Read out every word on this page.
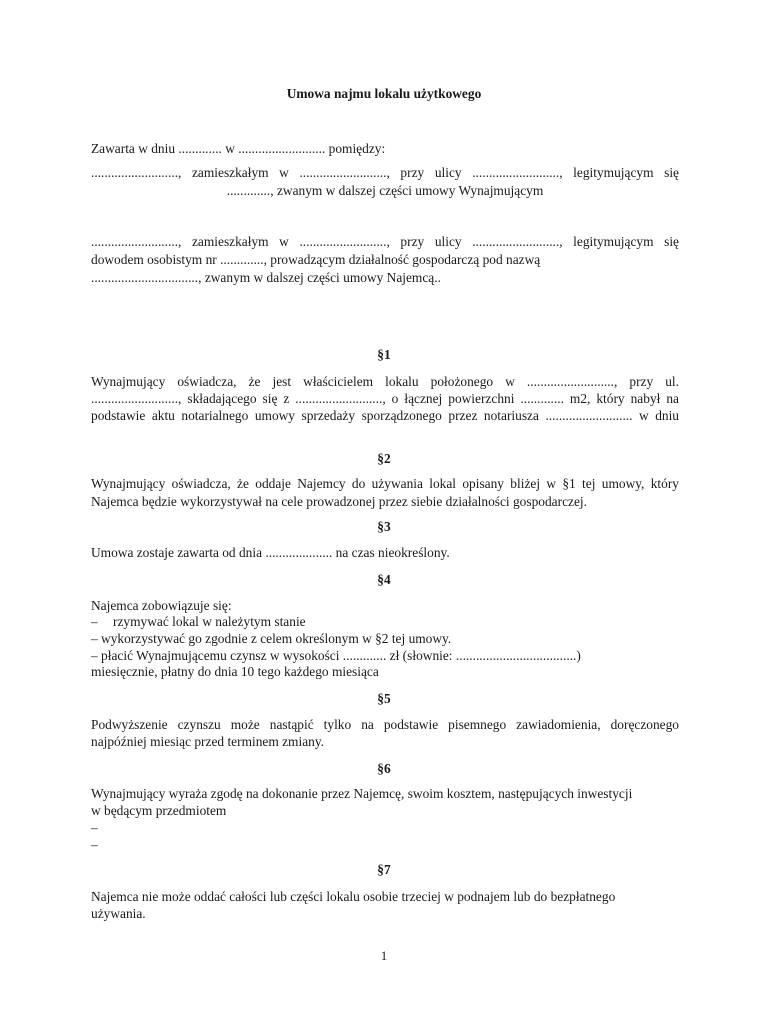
Umowa najmu lokalu użytkowego
Zawarta w dniu ............. w .......................... pomiędzy:
.........................., zamieszkałym w .........................., przy ulicy .........................., legitymującym się
............., zwanym w dalszej części umowy Wynajmującym
.........................., zamieszkałym w .........................., przy ulicy .........................., legitymującym się
dowodem osobistym nr ............., prowadzącym działalność gospodarczą pod nazwą
................................, zwanym w dalszej części umowy Najemcą..
§1
Wynajmujący oświadcza, że jest właścicielem lokalu położonego w .........................., przy ul.
.........................., składającego się z .........................., o łącznej powierzchni ............. m2, który nabył na
podstawie aktu notarialnego umowy sprzedaży sporządzonego przez notariusza .......................... w dniu
§2
Wynajmujący oświadcza, że oddaje Najemcy do używania lokal opisany bliżej w §1 tej umowy, który
Najemca będzie wykorzystywał na cele prowadzonej przez siebie działalności gospodarczej.
§3
Umowa zostaje zawarta od dnia .................... na czas nieokreślony.
§4
Najemca zobowiązuje się:
– rzymywać lokal w należytym stanie
– wykorzystywać go zgodnie z celem określonym w §2 tej umowy.
– płacić Wynajmującemu czynsz w wysokości ............. zł (słownie: ....................................)
miesięcznie, płatny do dnia 10 tego każdego miesiąca
§5
Podwyższenie czynszu może nastąpić tylko na podstawie pisemnego zawiadomienia, doręczonego
najpóźniej miesiąc przed terminem zmiany.
§6
Wynajmujący wyraża zgodę na dokonanie przez Najemcę, swoim kosztem, następujących inwestycji
w będącym przedmiotem
–
–
§7
Najemca nie może oddać całości lub części lokalu osobie trzeciej w podnajem lub do bezpłatnego
używania.
1
